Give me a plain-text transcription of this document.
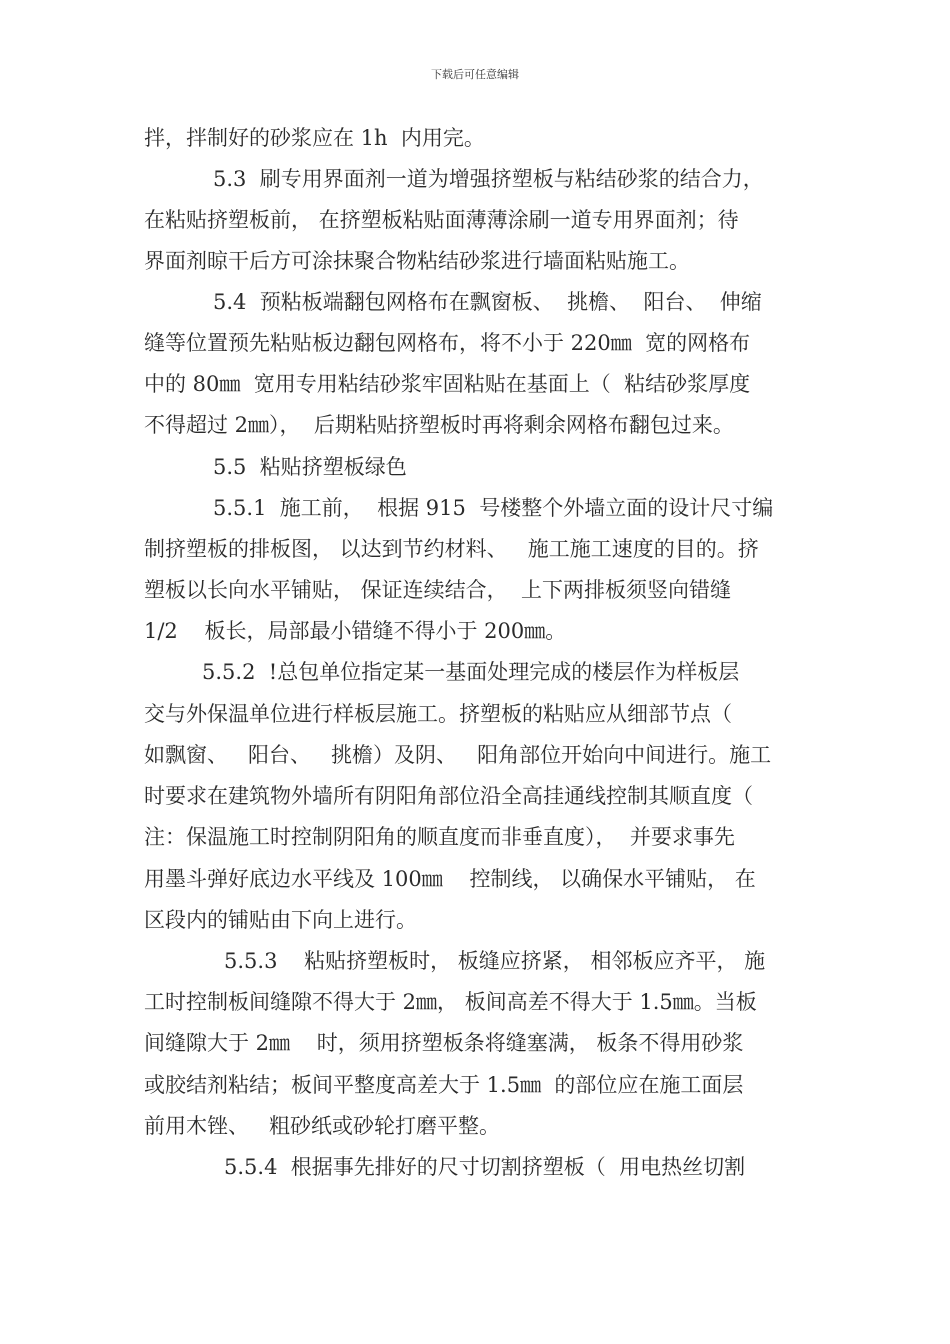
下载后可任意编辑
拌，拌制好的砂浆应在 1h  内用完。
5.3  刷专用界面剂一道为增强挤塑板与粘结砂浆的结合力，
在粘贴挤塑板前， 在挤塑板粘贴面薄薄涂刷一道专用界面剂；待
界面剂晾干后方可涂抹聚合物粘结砂浆进行墙面粘贴施工。
5.4  预粘板端翻包网格布在飘窗板、  挑檐、  阳台、  伸缩
缝等位置预先粘贴板边翻包网格布，将不小于 220㎜  宽的网格布
中的 80㎜  宽用专用粘结砂浆牢固粘贴在基面上（  粘结砂浆厚度
不得超过 2㎜），  后期粘贴挤塑板时再将剩余网格布翻包过来。
5.5  粘贴挤塑板绿色
5.5.1  施工前，  根据 915  号楼整个外墙立面的设计尺寸编
制挤塑板的排板图， 以达到节约材料、   施工施工速度的目的。挤
塑板以长向水平铺贴， 保证连续结合，  上下两排板须竖向错缝
1/2    板长，局部最小错缝不得小于 200㎜。
5.5.2  !总包单位指定某一基面处理完成的楼层作为样板层
交与外保温单位进行样板层施工。挤塑板的粘贴应从细部节点（
如飘窗、   阳台、   挑檐）及阴、   阳角部位开始向中间进行。施工
时要求在建筑物外墙所有阴阳角部位沿全高挂通线控制其顺直度（
注：保温施工时控制阴阳角的顺直度而非垂直度），  并要求事先
用墨斗弹好底边水平线及 100㎜    控制线， 以确保水平铺贴， 在
区段内的铺贴由下向上进行。
5.5.3    粘贴挤塑板时， 板缝应挤紧， 相邻板应齐平， 施
工时控制板间缝隙不得大于 2㎜， 板间高差不得大于 1.5㎜。当板
间缝隙大于 2㎜    时，须用挤塑板条将缝塞满， 板条不得用砂浆
或胶结剂粘结；板间平整度高差大于 1.5㎜  的部位应在施工面层
前用木锉、   粗砂纸或砂轮打磨平整。
5.5.4  根据事先排好的尺寸切割挤塑板（  用电热丝切割
